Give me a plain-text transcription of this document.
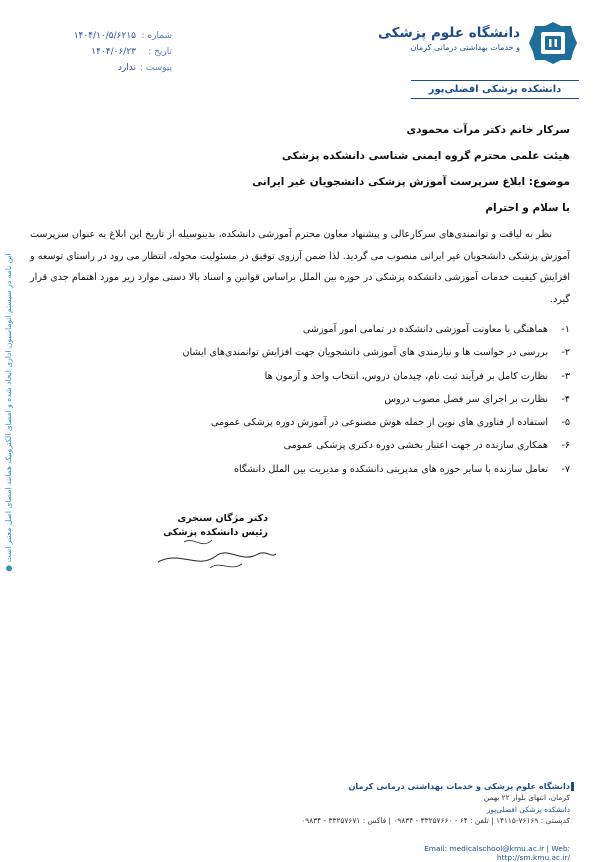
دانشگاه علوم پزشکی
و خدمات بهداشتی درمانی کرمان
دانشکده پزشکی افضلی‌پور
شماره :
۱۴۰۴/۱۰/۵/۶۲۱۵
تاریخ :
۱۴۰۴/۰۶/۲۳
پیوست :
ندارد
این نامه در سیستم اتوماسیون اداری ایجاد شده و امضای الکترونیک همانند امضای اصل معتبر است ●

سرکار خانم دکتر مرآت محمودی

هیئت علمی محترم گروه ایمنی شناسی دانشکده پزشکی

موضوع: ابلاغ سرپرست آموزش پزشکی دانشجویان غیر ایرانی

با سلام و احترام

نظر به لیاقت و توانمندی‌های سرکارعالی و پیشنهاد معاون محترم آموزشی دانشکده، بدینوسیله از تاریخ این ابلاغ به عنوان سرپرست آموزش پزشکی دانشجویان غیر ایرانی منصوب می گردید. لذا ضمن آرزوی توفیق در مسئولیت محوله، انتظار می رود در راستای توسعه و افزایش کیفیت خدمات آموزشی دانشکده پزشکی در حوزه بین الملل براساس قوانین و اسناد بالا دستی موارد زیر مورد اهتمام جدی قرار گیرد.

۱-
هماهنگی با معاونت آموزشی دانشکده در تمامی امور آموزشی
۲-
بررسی در خواست ها و نیازمندی های آموزشی دانشجویان جهت افزایش توانمندی‌های ایشان
۳-
نظارت کامل بر فرآیند ثبت نام، چیدمان دروس، انتخاب واحد و آزمون ها
۴-
نظارت بر اجرای سر فصل مصوب دروس
۵-
استفاده از فناوری های نوین از جمله هوش مصنوعی در آموزش دوره پزشکی عمومی
۶-
همکاری سازنده در جهت اعتبار بخشی دوره دکتری پزشکی عمومی
۷-
تعامل سازنده با سایر حوزه های مدیریتی دانشکده و مدیریت بین الملل دانشگاه
دکتر مژگان سنجری
رئیس دانشکده پزشکی
دانشگاه علوم پزشکی و خدمات بهداشتی درمانی کرمان
کرمان، انتهای بلوار ۲۲ بهمن
دانشکده پزشکی افضلی‌پور
کدپستی : ۷۶۱۶۹-۱۴۱۱۵ | تلفن : ۶۴ - ۳۳۲۵۷۶۶۰ - ۰۹۸۳۴ | فاکس : ۳۳۲۵۷۶۷۱ - ۰۹۸۳۴
Email: medicalschool@kmu.ac.ir | Web: http://sm.kmu.ac.ir/
